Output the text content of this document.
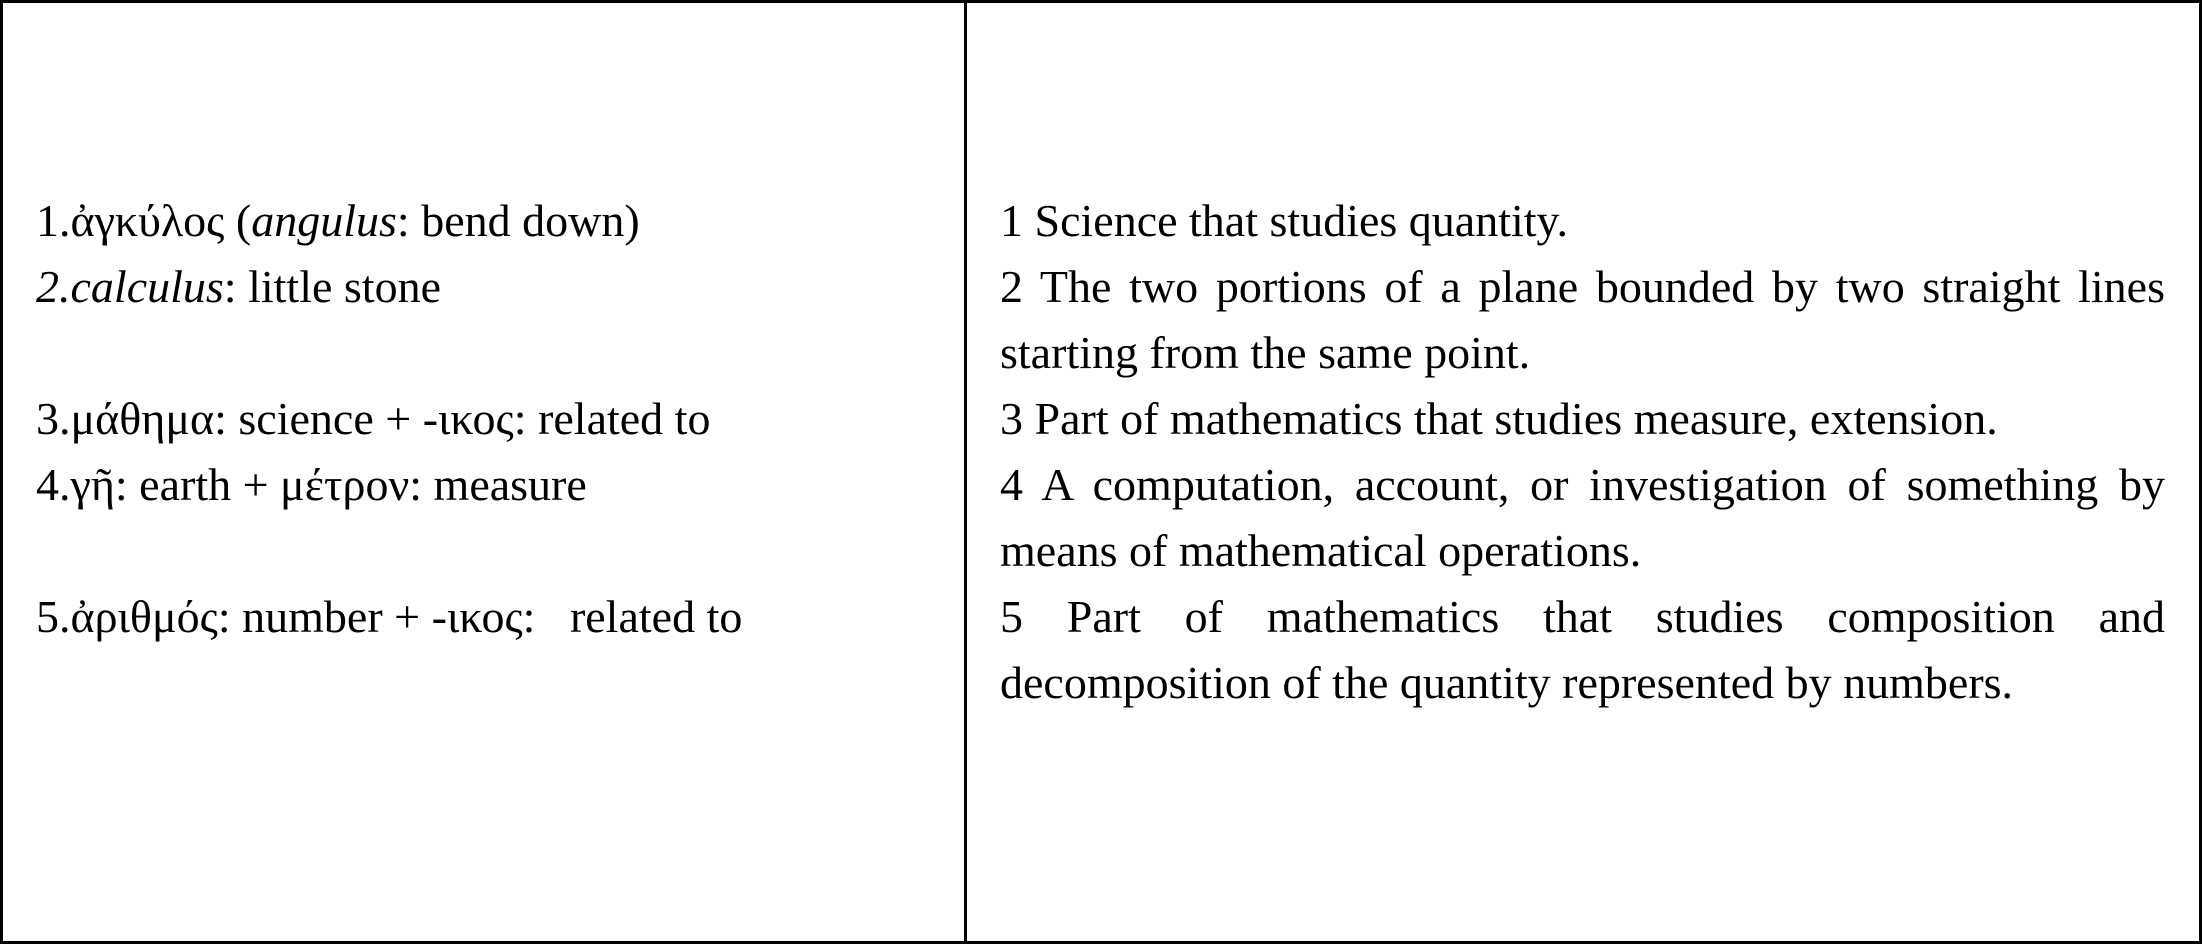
1.ἀγκύλος (angulus: bend down)
2.calculus: little stone
3.μάθημα: science + -ικος: related to
4.γῆ: earth + μέτρον: measure
5.ἀριθμός: number + -ικος:   related to

1 Science that studies quantity.

2 The two portions of a plane bounded by two straight lines starting from the same point.

3 Part of mathematics that studies measure, extension.

4 A computation, account, or investigation of something by means of mathematical operations.

5 Part of mathematics that studies composition and decomposition of the quantity represented by numbers.
